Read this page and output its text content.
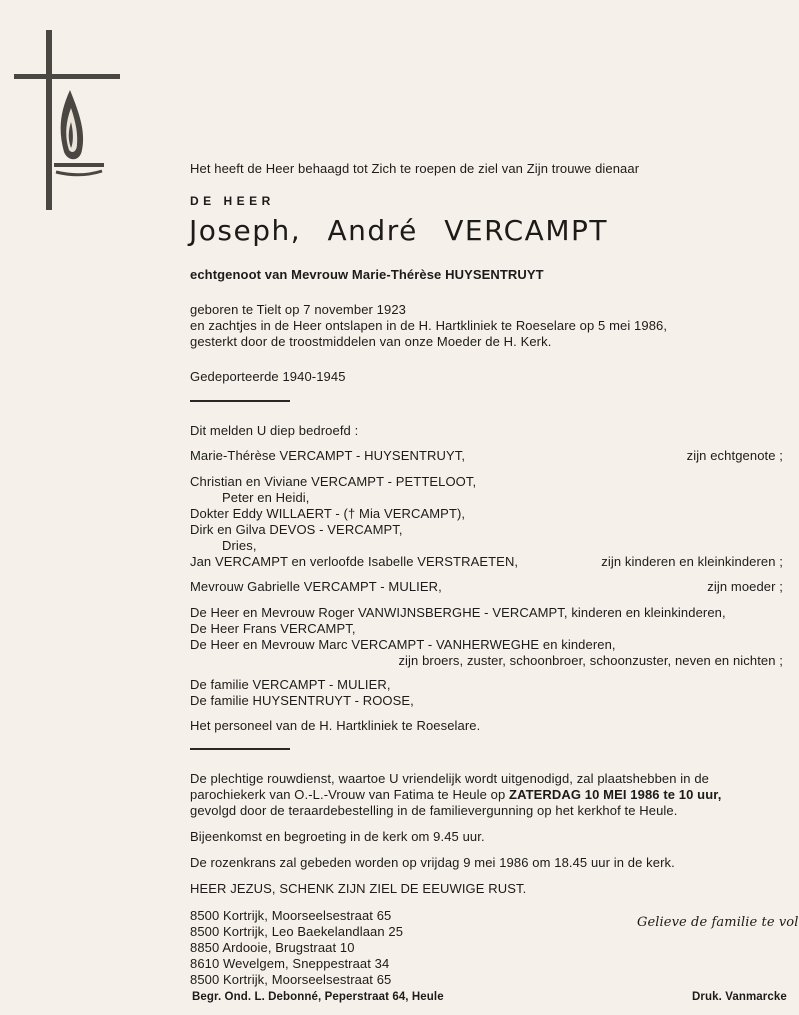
Het heeft de Heer behaagd tot Zich te roepen de ziel van Zijn trouwe dienaar
DE HEER
Joseph, André VERCAMPT
echtgenoot van Mevrouw Marie-Thérèse HUYSENTRUYT
geboren te Tielt op 7 november 1923
en zachtjes in de Heer ontslapen in de H. Hartkliniek te Roeselare op 5 mei 1986,
gesterkt door de troostmiddelen van onze Moeder de H. Kerk.
Gedeporteerde 1940-1945
Dit melden U diep bedroefd :
Marie-Thérèse VERCAMPT - HUYSENTRUYT,	zijn echtgenote ;
Christian en Viviane VERCAMPT - PETTELOOT,
Peter en Heidi,
Dokter Eddy WILLAERT - († Mia VERCAMPT),
Dirk en Gilva DEVOS - VERCAMPT,
Dries,
Jan VERCAMPT en verloofde Isabelle VERSTRAETEN,	zijn kinderen en kleinkinderen ;
Mevrouw Gabrielle VERCAMPT - MULIER,	zijn moeder ;
De Heer en Mevrouw Roger VANWIJNSBERGHE - VERCAMPT, kinderen en kleinkinderen,
De Heer Frans VERCAMPT,
De Heer en Mevrouw Marc VERCAMPT - VANHERWEGHE en kinderen,
zijn broers, zuster, schoonbroer, schoonzuster, neven en nichten ;
De familie VERCAMPT - MULIER,
De familie HUYSENTRUYT - ROOSE,
Het personeel van de H. Hartkliniek te Roeselare.
De plechtige rouwdienst, waartoe U vriendelijk wordt uitgenodigd, zal plaatshebben in de
parochiekerk van O.-L.-Vrouw van Fatima te Heule op ZATERDAG 10 MEI 1986 te 10 uur,
gevolgd door de teraardebestelling in de familievergunning op het kerkhof te Heule.
Bijeenkomst en begroeting in de kerk om 9.45 uur.
De rozenkrans zal gebeden worden op vrijdag 9 mei 1986 om 18.45 uur in de kerk.
HEER JEZUS, SCHENK ZIJN ZIEL DE EEUWIGE RUST.
8500 Kortrijk, Moorseelsestraat 65
8500 Kortrijk, Leo Baekelandlaan 25
8850 Ardooie, Brugstraat 10
8610 Wevelgem, Sneppestraat 34
8500 Kortrijk, Moorseelsestraat 65
Gelieve de familie te vol
Begr. Ond. L. Debonné, Peperstraat 64, Heule	Druk. Vanmarcke
